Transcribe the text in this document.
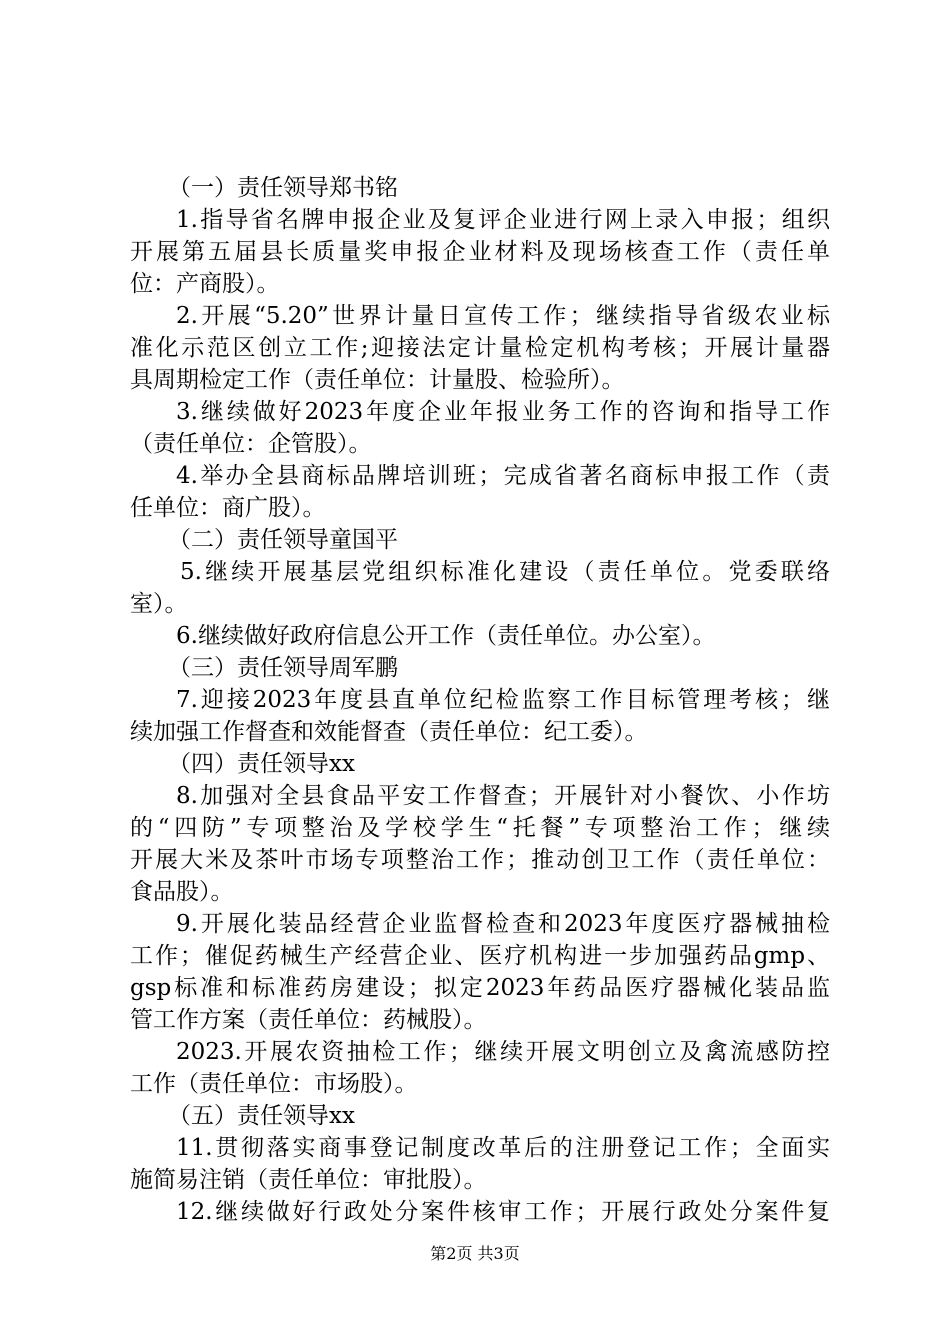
（一）责任领导郑书铭
1.指导省名牌申报企业及复评企业进行网上录入申报；组织
开展第五届县长质量奖申报企业材料及现场核查工作（责任单
位：产商股）。
2.开展“5.20”世界计量日宣传工作；继续指导省级农业标
准化示范区创立工作;迎接法定计量检定机构考核；开展计量器
具周期检定工作（责任单位：计量股、检验所）。
3.继续做好2023年度企业年报业务工作的咨询和指导工作
（责任单位：企管股）。
4.举办全县商标品牌培训班；完成省著名商标申报工作（责
任单位：商广股）。
（二）责任领导童国平
5.继续开展基层党组织标准化建设（责任单位。党委联络
室）。
6.继续做好政府信息公开工作（责任单位。办公室）。
（三）责任领导周军鹏
7.迎接2023年度县直单位纪检监察工作目标管理考核；继
续加强工作督查和效能督查（责任单位：纪工委）。
（四）责任领导xx
8.加强对全县食品平安工作督查；开展针对小餐饮、小作坊
的“四防”专项整治及学校学生“托餐”专项整治工作；继续
开展大米及茶叶市场专项整治工作；推动创卫工作（责任单位：
食品股）。
9.开展化装品经营企业监督检查和2023年度医疗器械抽检
工作；催促药械生产经营企业、医疗机构进一步加强药品gmp、
gsp标准和标准药房建设；拟定2023年药品医疗器械化装品监
管工作方案（责任单位：药械股）。
2023.开展农资抽检工作；继续开展文明创立及禽流感防控
工作（责任单位：市场股）。
（五）责任领导xx
11.贯彻落实商事登记制度改革后的注册登记工作；全面实
施简易注销（责任单位：审批股）。
12.继续做好行政处分案件核审工作；开展行政处分案件复
第2页 共3页
